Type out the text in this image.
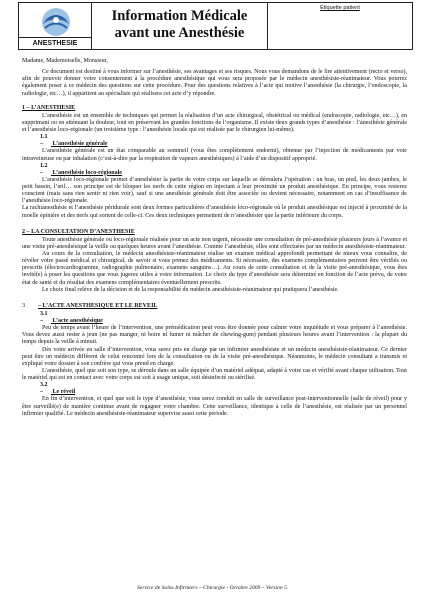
ANESTHESIE
Information Médicale
avant une Anesthésie
Etiquette patient

Madame, Mademoiselle, Monsieur,

Ce document est destiné à vous informer sur l’anesthésie, ses avantages et ses risques. Nous vous demandons de le lire attentivement (recto et verso), afin de pouvoir donner votre consentement à la procédure anesthésique qui vous sera proposée par le médecin anesthésiste-réanimateur. Vous pourrez également poser à ce médecin des questions sur cette procédure. Pour des questions relatives à l’acte qui motive l’anesthésie (la chirurgie, l’endoscopie, la radiologie, etc…), il appartient au spécialiste qui réalisera cet acte d’y répondre.

1 – L’ANESTHESIE

L’anesthésie est un ensemble de techniques qui permet la réalisation d’un acte chirurgical, obstétrical ou médical (endoscopie, radiologie, etc…), en supprimant ou en atténuant la douleur, tout en préservant les grandes fonctions de l’organisme. Il existe deux grands types d’anesthésie : l’anesthésie générale et l’anesthésie loco-régionale (un troisième type : l’anesthésie locale qui est réalisée par le chirurgien lui-même).

1.1 – L’anesthésie générale

L’anesthésie générale est un état comparable au sommeil (vous êtes complètement endormi), obtenue par l’injection de médicaments par voie intraveineuse ou par inhalation (c’est-à-dire par la respiration de vapeurs anesthésiques) à l’aide d’un dispositif approprié.

1.2 – L’anesthésie loco-régionale

L’anesthésie loco-régionale permet d’anesthésier la partie de votre corps sur laquelle se déroulera l’opération : un bras, un pied, les deux jambes, le petit bassin, l’œil… son principe est de bloquer les nerfs de cette région en injectant à leur proximité un produit anesthésique. En principe, vous resterez conscient (mais sans rien sentir ni rien voir), sauf si une anesthésie générale doit être associée ou devient nécessaire, notamment en cas d’insuffisance de l’anesthésie loco-régionale.

La rachianesthésie et l’anesthésie péridurale sont deux formes particulières d’anesthésie loco-régionale où le produit anesthésique est injecté à proximité de la moelle épinière et des nerfs qui sortent de celle-ci. Ces deux techniques permettent de n’anesthésier que la partie inférieure du corps.

2 – LA CONSULTATION D’ANESTHESIE

Toute anesthésie générale ou loco-régionale réalisée pour un acte non urgent, nécessite une consultation de pré-anesthésie plusieurs jours à l’avance et une visite pré-anesthésique la veille ou quelques heures avant l’anesthésie. Comme l’anesthésie, elles sont effectuées par un médecin anesthésiste-réanimateur.

Au cours de la consultation, le médecin anesthésiste-réanimateur réalise un examen médical approfondi permettant de mieux vous connaître, de révéler votre passé médical et chirurgical, de savoir si vous prenez des médicaments. Si nécessaire, des examens complémentaires peuvent être vérifiés ou prescrits (électrocardiogramme, radiographie pulmonaire, examens sanguins…). Au cours de cette consultation et de la visite pré-anesthésique, vous êtes invité(e) à poser les questions que vous jugerez utiles à votre information. Le choix du type d’anesthésie sera déterminé en fonction de l’acte prévu, de votre état de santé et du résultat des examens complémentaires éventuellement prescrits.

Le choix final relève de la décision et de la responsabilité du médecin anesthésiste-réanimateur qui pratiquera l’anesthésie.

3 – L’ACTE ANESTHESIQUE ET LE REVEIL

3.1 – L’acte anesthésique

Peu de temps avant l’heure de l’intervention, une prémédication peut vous être donnée pour calmer votre inquiétude et vous préparer à l’anesthésie. Vous devez aussi rester à jeun (ne pas manger, ni boire ni fumer ni mâcher de chewing-gum) pendant plusieurs heures avant l’intervention : la plupart du temps depuis la veille à minuit.

Dès votre arrivée en salle d’intervention, vous serez pris en charge par un infirmier anesthésiste et un médecin anesthésiste-réanimateur. Ce dernier peut être un médecin différent de celui rencontré lors de la consultation ou de la visite pré-anesthésique. Néanmoins, le médecin consultant a transmis et expliqué votre dossier à son confrère qui vous prend en charge.

L’anesthésie, quel que soit son type, se déroule dans un salle équipée d’un matériel adéquat, adapté à votre cas et vérifié avant chaque utilisation. Tout le matériel qui est en contact avec votre corps est soit à usage unique, soit désinfecté ou stérilisé.

3.2 – Le réveil

En fin d’intervention, et quel que soit le type d’anesthésie, vous serez conduit en salle de surveillance post-interventionnelle (salle de réveil) pour y être surveillé(e) de manière continue avant de regagner votre chambre. Cette surveillance, identique à celle de l’anesthésie, est réalisée par un personnel infirmier qualifié. Le médecin anesthésiste-réanimateur supervise aussi cette période.

Service de Soins Infirmiers – Chirurgie - Octobre 2009 – Version 5
